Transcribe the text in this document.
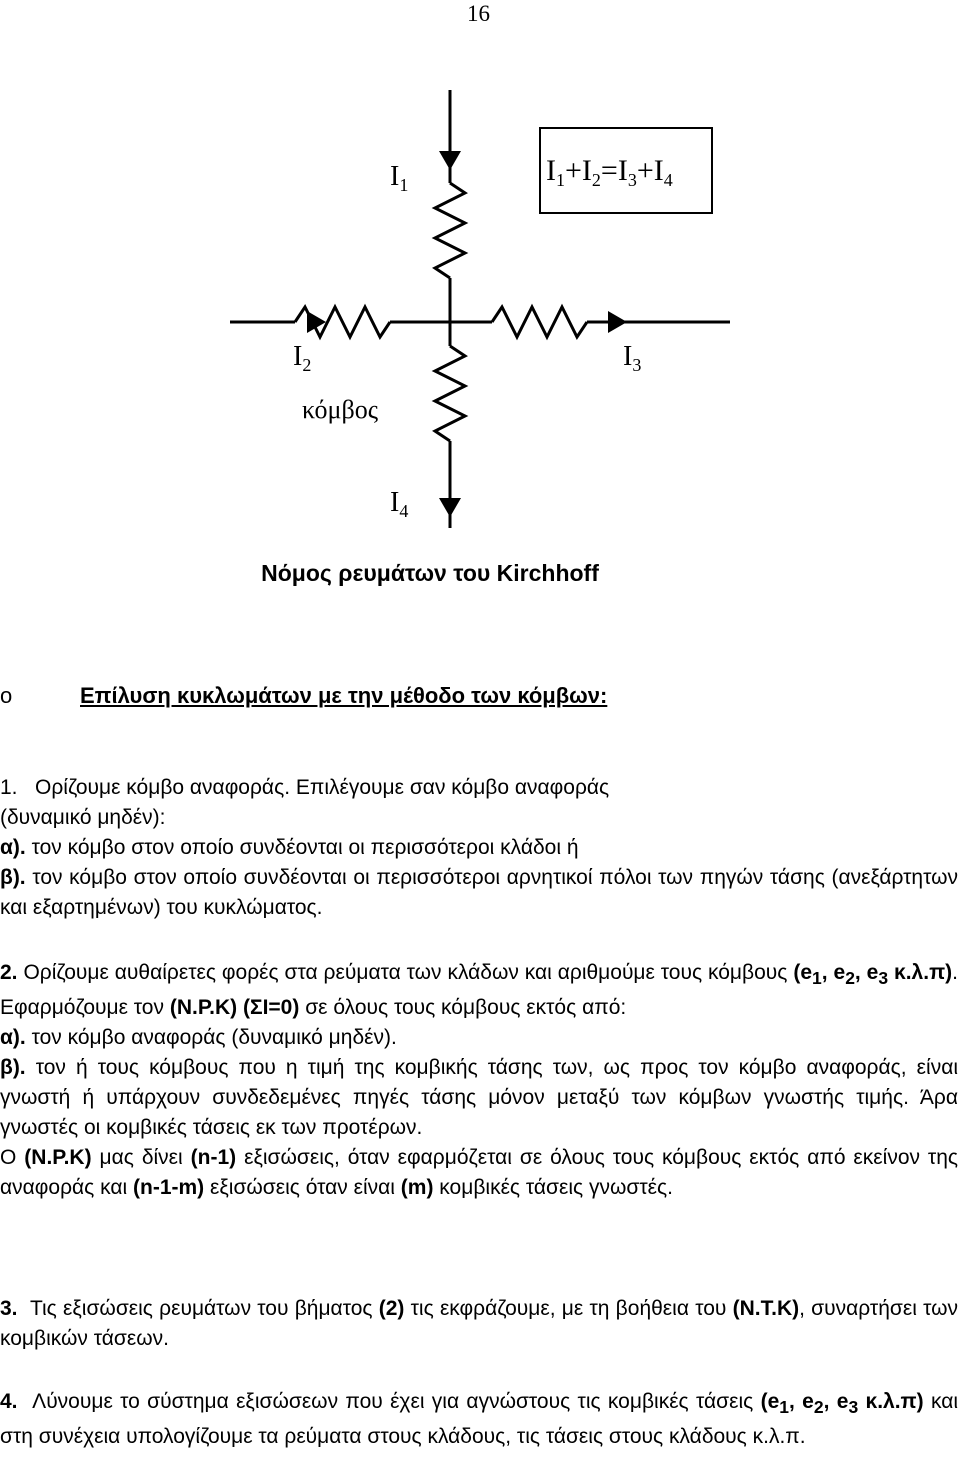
16
$I_1$
$I_2$	$I_3$
$I_4$
κόμβος
$I_1+I_2=I_3+I_4$
Νόμος ρευμάτων του Kirchhoff
o	Επίλυση κυκλωμάτων με την μέθοδο των κόμβων:

1. Ορίζουμε κόμβο αναφοράς. Επιλέγουμε σαν κόμβο αναφοράς

(δυναμικό μηδέν):

α). τον κόμβο στον οποίο συνδέονται οι περισσότεροι κλάδοι ή

β). τον κόμβο στον οποίο συνδέονται οι περισσότεροι αρνητικοί πόλοι των πηγών τάσης (ανεξάρτητων και εξαρτημένων) του κυκλώματος.

2. Ορίζουμε αυθαίρετες φορές στα ρεύματα των κλάδων και αριθμούμε τους κόμβους ($e_1$, $e_2$, $e_3$ κ.λ.π). Εφαρμόζουμε τον (Ν.Ρ.Κ) (ΣI=0) σε όλους τους κόμβους εκτός από:

α). τον κόμβο αναφοράς (δυναμικό μηδέν).

β). τον ή τους κόμβους που η τιμή της κομβικής τάσης των, ως προς τον κόμβο αναφοράς, είναι γνωστή ή υπάρχουν συνδεδεμένες πηγές τάσης μόνον μεταξύ των κόμβων γνωστής τιμής. Άρα γνωστές οι κομβικές τάσεις εκ των προτέρων.

Ο (Ν.Ρ.Κ) μας δίνει (n-1) εξισώσεις, όταν εφαρμόζεται σε όλους τους κόμβους εκτός από εκείνον της αναφοράς και (n-1-m) εξισώσεις όταν είναι (m) κομβικές τάσεις γνωστές.

3. Τις εξισώσεις ρευμάτων του βήματος (2) τις εκφράζουμε, με τη βοήθεια του (Ν.Τ.Κ), συναρτήσει των κομβικών τάσεων.

4. Λύνουμε το σύστημα εξισώσεων που έχει για αγνώστους τις κομβικές τάσεις ($e_1$, $e_2$, $e_3$ κ.λ.π) και στη συνέχεια υπολογίζουμε τα ρεύματα στους κλάδους, τις τάσεις στους κλάδους κ.λ.π.
